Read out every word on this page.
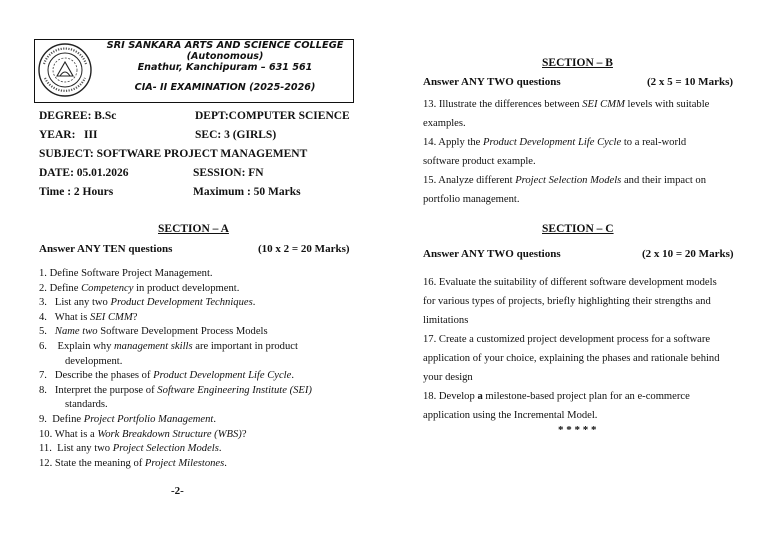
SRI SANKARA ARTS AND SCIENCE COLLEGE
(Autonomous)
Enathur, Kanchipuram – 631 561
CIA- II EXAMINATION (2025-2026)
DEGREE: B.Sc	DEPT:COMPUTER SCIENCE
YEAR: III	SEC: 3 (GIRLS)
SUBJECT: SOFTWARE PROJECT MANAGEMENT
DATE: 05.01.2026	SESSION: FN
Time : 2 Hours	Maximum : 50 Marks
SECTION – A
Answer ANY TEN questions	(10 x 2 = 20 Marks)
1. Define Software Project Management.
2. Define Competency in product development.
3.   List any two Product Development Techniques.
4.   What is SEI CMM?
5.   Name two Software Development Process Models
6.    Explain why management skills are important in product
development.
7.   Describe the phases of Product Development Life Cycle.
8.   Interpret the purpose of Software Engineering Institute (SEI)
standards.
9.  Define Project Portfolio Management.
10. What is a Work Breakdown Structure (WBS)?
11.  List any two Project Selection Models.
12. State the meaning of Project Milestones.
-2-
SECTION – B
Answer ANY TWO questions	(2 x 5 = 10 Marks)
13. Illustrate the differences between SEI CMM levels with suitable
examples.
14. Apply the Product Development Life Cycle to a real-world
software product example.
15. Analyze different Project Selection Models and their impact on
portfolio management.
SECTION – C
Answer ANY TWO questions	(2 x 10 = 20 Marks)
16. Evaluate the suitability of different software development models
for various types of projects, briefly highlighting their strengths and
limitations
17. Create a customized project development process for a software
application of your choice, explaining the phases and rationale behind
your design
18. Develop a milestone-based project plan for an e-commerce
application using the Incremental Model.
* * * * *
